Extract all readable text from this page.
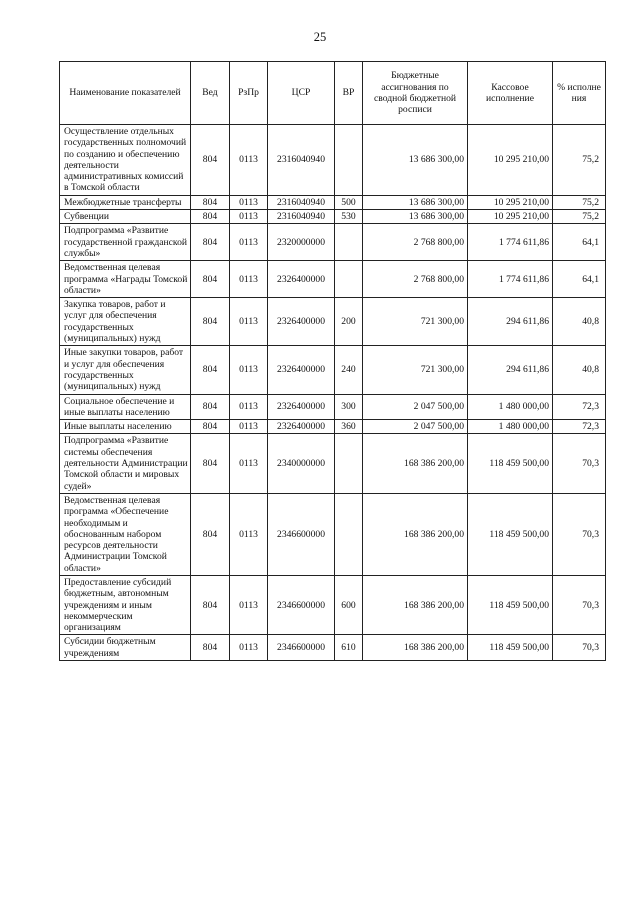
25
Наименование показателей	Вед	РзПр	ЦСР	ВР	Бюджетные ассигнования по сводной бюджетной росписи	Кассовое исполнение	% исполне ния
Осуществление отдельных государственных полномочий по созданию и обеспечению деятельности административных комиссий в Томской области	804	0113	2316040940		13 686 300,00	10 295 210,00	75,2
Межбюджетные трансферты	804	0113	2316040940	500	13 686 300,00	10 295 210,00	75,2
Субвенции	804	0113	2316040940	530	13 686 300,00	10 295 210,00	75,2
Подпрограмма «Развитие государственной гражданской службы»	804	0113	2320000000		2 768 800,00	1 774 611,86	64,1
Ведомственная целевая программа «Награды Томской области»	804	0113	2326400000		2 768 800,00	1 774 611,86	64,1
Закупка товаров, работ и услуг для обеспечения государственных (муниципальных) нужд	804	0113	2326400000	200	721 300,00	294 611,86	40,8
Иные закупки товаров, работ и услуг для обеспечения государственных (муниципальных) нужд	804	0113	2326400000	240	721 300,00	294 611,86	40,8
Социальное обеспечение и иные выплаты населению	804	0113	2326400000	300	2 047 500,00	1 480 000,00	72,3
Иные выплаты населению	804	0113	2326400000	360	2 047 500,00	1 480 000,00	72,3
Подпрограмма «Развитие системы обеспечения деятельности Администрации Томской области и мировых судей»	804	0113	2340000000		168 386 200,00	118 459 500,00	70,3
Ведомственная целевая программа «Обеспечение необходимым и обоснованным набором ресурсов деятельности Администрации Томской области»	804	0113	2346600000		168 386 200,00	118 459 500,00	70,3
Предоставление субсидий бюджетным, автономным учреждениям и иным некоммерческим организациям	804	0113	2346600000	600	168 386 200,00	118 459 500,00	70,3
Субсидии бюджетным учреждениям	804	0113	2346600000	610	168 386 200,00	118 459 500,00	70,3
